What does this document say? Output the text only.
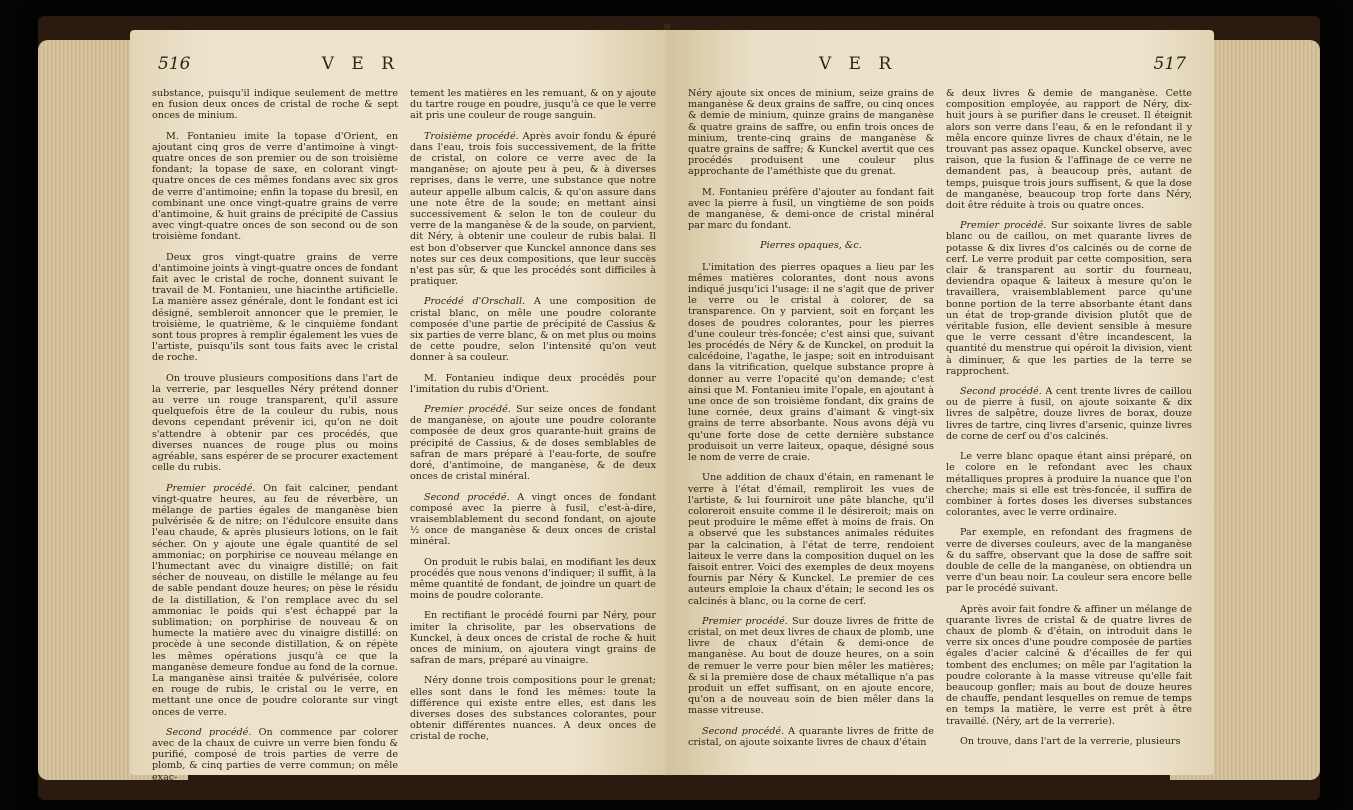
516	V E R

substance, puisqu'il indique seulement de mettre en fusion deux onces de cristal de roche & sept onces de minium.

M. Fontanieu imite la topase d'Orient, en ajoutant cinq gros de verre d'antimoine à vingt-quatre onces de son premier ou de son troisième fondant; la topase de saxe, en colorant vingt-quatre onces de ces mêmes fondans avec six gros de verre d'antimoine; enfin la topase du bresil, en combinant une once vingt-quatre grains de verre d'antimoine, & huit grains de précipité de Cassius avec vingt-quatre onces de son second ou de son troisième fondant.

Deux gros vingt-quatre grains de verre d'antimoine joints à vingt-quatre onces de fondant fait avec le cristal de roche, donnent suivant le travail de M. Fontanieu, une hiacinthe artificielle. La manière assez générale, dont le fondant est ici désigné, sembleroit annoncer que le premier, le troisième, le quatrième, & le cinquième fondant sont tous propres à remplir également les vues de l'artiste, puisqu'ils sont tous faits avec le cristal de roche.

On trouve plusieurs compositions dans l'art de la verrerie, par lesquelles Néry prétend donner au verre un rouge transparent, qu'il assure quelquefois être de la couleur du rubis, nous devons cependant prévenir ici, qu'on ne doit s'attendre à obtenir par ces procédés, que diverses nuances de rouge plus ou moins agréable, sans espérer de se procurer exactement celle du rubis.

Premier procédé. On fait calciner, pendant vingt-quatre heures, au feu de réverbère, un mélange de parties égales de manganèse bien pulvérisée & de nitre; on l'édulcore ensuite dans l'eau chaude, & après plusieurs lotions, on le fait sécher. On y ajoute une égale quantité de sel ammoniac; on porphirise ce nouveau mélange en l'humectant avec du vinaigre distillé; on fait sécher de nouveau, on distille le mélange au feu de sable pendant douze heures; on pèse le résidu de la distillation, & l'on remplace avec du sel ammoniac le poids qui s'est échappé par la sublimation; on porphirise de nouveau & on humecte la matière avec du vinaigre distillé: on procède à une seconde distillation, & on répète les mêmes opérations jusqu'à ce que la manganèse demeure fondue au fond de la cornue. La manganèse ainsi traitée & pulvérisée, colore en rouge de rubis, le cristal ou le verre, en mettant une once de poudre colorante sur vingt onces de verre.

Second procédé. On commence par colorer avec de la chaux de cuivre un verre bien fondu & purifié, composé de trois parties de verre de plomb, & cinq parties de verre commun; on mêle exac-

tement les matières en les remuant, & on y ajoute du tartre rouge en poudre, jusqu'à ce que le verre ait pris une couleur de rouge sanguin.

Troisième procédé. Après avoir fondu & épuré dans l'eau, trois fois successivement, de la fritte de cristal, on colore ce verre avec de la manganèse; on ajoute peu à peu, & à diverses reprises, dans le verre, une substance que notre auteur appelle album calcis, & qu'on assure dans une note être de la soude; en mettant ainsi successivement & selon le ton de couleur du verre de la manganèse & de la soude, on parvient, dit Néry, à obtenir une couleur de rubis balai. Il est bon d'observer que Kunckel annonce dans ses notes sur ces deux compositions, que leur succès n'est pas sûr, & que les procédés sont difficiles à pratiquer.

Procédé d'Orschall. A une composition de cristal blanc, on mêle une poudre colorante composée d'une partie de précipité de Cassius & six parties de verre blanc, & on met plus ou moins de cette poudre, selon l'intensité qu'on veut donner à sa couleur.

M. Fontanieu indique deux procédés pour l'imitation du rubis d'Orient.

Premier procédé. Sur seize onces de fondant de manganèse, on ajoute une poudre colorante composée de deux gros quarante-huit grains de précipité de Cassius, & de doses semblables de safran de mars préparé à l'eau-forte, de soufre doré, d'antimoine, de manganèse, & de deux onces de cristal minéral.

Second procédé. A vingt onces de fondant composé avec la pierre à fusil, c'est-à-dire, vraisemblablement du second fondant, on ajoute ½ once de manganèse & deux onces de cristal minéral.

On produit le rubis balai, en modifiant les deux procédés que nous venons d'indiquer; il suffit, à la même quantité de fondant, de joindre un quart de moins de poudre colorante.

En rectifiant le procédé fourni par Néry, pour imiter la chrisolite, par les observations de Kunckel, à deux onces de cristal de roche & huit onces de minium, on ajoutera vingt grains de safran de mars, préparé au vinaigre.

Néry donne trois compositions pour le grenat; elles sont dans le fond les mêmes: toute la différence qui existe entre elles, est dans les diverses doses des substances colorantes, pour obtenir différentes nuances. A deux onces de cristal de roche,

V E R	517

Néry ajoute six onces de minium, seize grains de manganèse & deux grains de saffre, ou cinq onces & demie de minium, quinze grains de manganèse & quatre grains de saffre, ou enfin trois onces de minium, trente-cinq grains de manganèse & quatre grains de saffre; & Kunckel avertit que ces procédés produisent une couleur plus approchante de l'améthiste que du grenat.

M. Fontanieu préfère d'ajouter au fondant fait avec la pierre à fusil, un vingtième de son poids de manganèse, & demi-once de cristal minéral par marc du fondant.

Pierres opaques, &c.

L'imitation des pierres opaques a lieu par les mêmes matières colorantes, dont nous avons indiqué jusqu'ici l'usage: il ne s'agit que de priver le verre ou le cristal à colorer, de sa transparence. On y parvient, soit en forçant les doses de poudres colorantes, pour les pierres d'une couleur très-foncée; c'est ainsi que, suivant les procédés de Néry & de Kunckel, on produit la calcédoine, l'agathe, le jaspe; soit en introduisant dans la vitrification, quelque substance propre à donner au verre l'opacité qu'on demande; c'est ainsi que M. Fontanieu imite l'opale, en ajoutant à une once de son troisième fondant, dix grains de lune cornée, deux grains d'aimant & vingt-six grains de terre absorbante. Nous avons déjà vu qu'une forte dose de cette dernière substance produisoit un verre laiteux, opaque, désigné sous le nom de verre de craie.

Une addition de chaux d'étain, en ramenant le verre à l'état d'émail, rempliroit les vues de l'artiste, & lui fourniroit une pâte blanche, qu'il coloreroit ensuite comme il le désireroit; mais on peut produire le même effet à moins de frais. On a observé que les substances animales réduites par la calcination, à l'état de terre, rendoient laiteux le verre dans la composition duquel on les faisoit entrer. Voici des exemples de deux moyens fournis par Néry & Kunckel. Le premier de ces auteurs emploie la chaux d'étain; le second les os calcinés à blanc, ou la corne de cerf.

Premier procédé. Sur douze livres de fritte de cristal, on met deux livres de chaux de plomb, une livre de chaux d'étain & demi-once de manganèse. Au bout de douze heures, on a soin de remuer le verre pour bien mêler les matières; & si la première dose de chaux métallique n'a pas produit un effet suffisant, on en ajoute encore, qu'on a de nouveau soin de bien mêler dans la masse vitreuse.

Second procédé. A quarante livres de fritte de cristal, on ajoute soixante livres de chaux d'étain

& deux livres & demie de manganèse. Cette composition employée, au rapport de Néry, dix-huit jours à se purifier dans le creuset. Il éteignit alors son verre dans l'eau, & en le refondant il y mêla encore quinze livres de chaux d'étain, ne le trouvant pas assez opaque. Kunckel observe, avec raison, que la fusion & l'affinage de ce verre ne demandent pas, à beaucoup près, autant de temps, puisque trois jours suffisent, & que la dose de manganèse, beaucoup trop forte dans Néry, doit être réduite à trois ou quatre onces.

Premier procédé. Sur soixante livres de sable blanc ou de caillou, on met quarante livres de potasse & dix livres d'os calcinés ou de corne de cerf. Le verre produit par cette composition, sera clair & transparent au sortir du fourneau, deviendra opaque & laiteux à mesure qu'on le travaillera, vraisemblablement parce qu'une bonne portion de la terre absorbante étant dans un état de trop-grande division plutôt que de véritable fusion, elle devient sensible à mesure que le verre cessant d'être incandescent, la quantité du menstrue qui opéroit la division, vient à diminuer, & que les parties de la terre se rapprochent.

Second procédé. A cent trente livres de caillou ou de pierre à fusil, on ajoute soixante & dix livres de salpêtre, douze livres de borax, douze livres de tartre, cinq livres d'arsenic, quinze livres de corne de cerf ou d'os calcinés.

Le verre blanc opaque étant ainsi préparé, on le colore en le refondant avec les chaux métalliques propres à produire la nuance que l'on cherche; mais si elle est très-foncée, il suffira de combiner à fortes doses les diverses substances colorantes, avec le verre ordinaire.

Par exemple, en refondant des fragmens de verre de diverses couleurs, avec de la manganèse & du saffre, observant que la dose de saffre soit double de celle de la manganèse, on obtiendra un verre d'un beau noir. La couleur sera encore belle par le procédé suivant.

Après avoir fait fondre & affiner un mélange de quarante livres de cristal & de quatre livres de chaux de plomb & d'étain, on introduit dans le verre six onces d'une poudre composée de parties égales d'acier calciné & d'écailles de fer qui tombent des enclumes; on mêle par l'agitation la poudre colorante à la masse vitreuse qu'elle fait beaucoup gonfler; mais au bout de douze heures de chauffe, pendant lesquelles on remue de temps en temps la matière, le verre est prêt à être travaillé. (Néry, art de la verrerie).

On trouve, dans l'art de la verrerie, plusieurs
